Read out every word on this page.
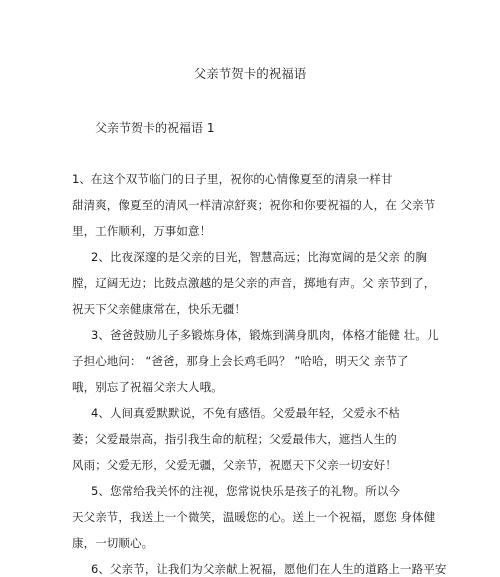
父亲节贺卡的祝福语
父亲节贺卡的祝福语 1
1、在这个双节临门的日子里，祝你的心情像夏至的清泉一样甘
甜清爽，像夏至的清风一样清凉舒爽；祝你和你要祝福的人，在 父亲节
里，工作顺利，万事如意！
2、比夜深邃的是父亲的目光，智慧高远；比海宽阔的是父亲 的胸
膛，辽阔无边；比鼓点激越的是父亲的声音，掷地有声。父 亲节到了，
祝天下父亲健康常在，快乐无疆！
3、爸爸鼓励儿子多锻炼身体，锻炼到满身肌肉，体格才能健 壮。儿
子担心地问： “爸爸，那身上会长鸡毛吗？ ”哈哈，明天父 亲节了
哦，别忘了祝福父亲大人哦。
4、人间真爱默默说，不免有感悟。父爱最年轻，父爱永不枯
萎；父爱最崇高，指引我生命的航程；父爱最伟大，遮挡人生的
风雨；父爱无形，父爱无疆，父亲节，祝愿天下父亲一切安好！
5、您常给我关怀的注视，您常说快乐是孩子的礼物。所以今
天父亲节，我送上一个微笑，温暖您的心。送上一个祝福，愿您 身体健
康，一切顺心。
6、父亲节，让我们为父亲献上祝福，愿他们在人生的道路上一路平安
